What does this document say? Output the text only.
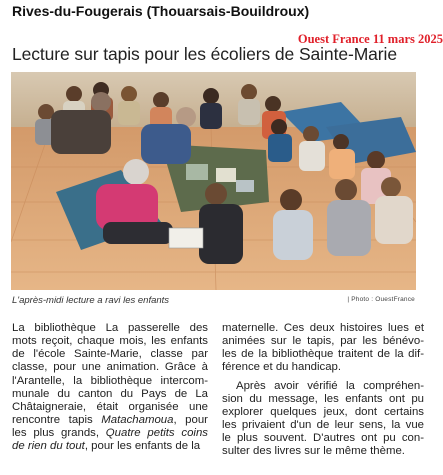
Rives-du-Fougerais (Thouarsais-Bouildroux)
Ouest France 11 mars 2025
Lecture sur tapis pour les écoliers de Sainte-Marie
L'après-midi lecture a ravi les enfants	| Photo : OuestFrance
La bibliothèque La passerelle des
mots reçoit, chaque mois, les enfants
de l'école Sainte-Marie, classe par
classe, pour une animation. Grâce à
l'Arantelle, la bibliothèque intercom-
munale du canton du Pays de La
Châtaigneraie, était organisée une
rencontre tapis Matachamoua, pour
les plus grands, Quatre petits coins
de rien du tout, pour les enfants de la
maternelle. Ces deux histoires lues et
animées sur le tapis, par les bénévo-
les de la bibliothèque traitent de la dif-
férence et du handicap.
Après avoir vérifié la compréhen-
sion du message, les enfants ont pu
explorer quelques jeux, dont certains
les privaient d'un de leur sens, la vue
le plus souvent. D'autres ont pu con-
sulter des livres sur le même thème.
